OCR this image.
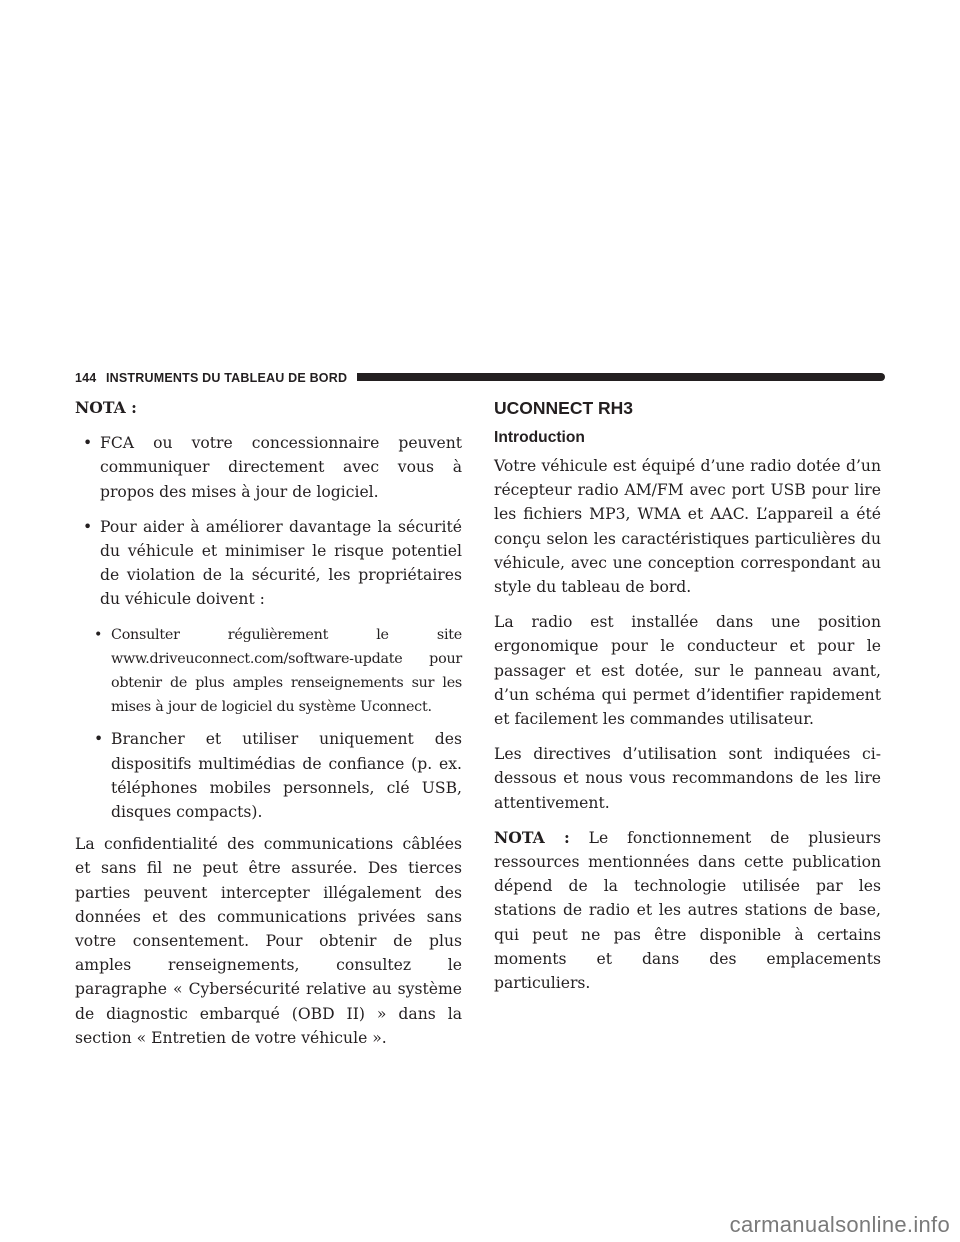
144 INSTRUMENTS DU TABLEAU DE BORD

NOTA :

• FCA ou votre concessionnaire peuvent communiquer directement avec vous à propos des mises à jour de logiciel.
• Pour aider à améliorer davantage la sécurité du véhicule et minimiser le risque potentiel de violation de la sécurité, les propriétaires du véhicule doivent :
• Consulter régulièrement le site www.driveuconnect.com/software-update pour obtenir de plus amples renseignements sur les mises à jour de logiciel du système Uconnect.
• Brancher et utiliser uniquement des dispositifs multimédias de confiance (p. ex. téléphones mobiles personnels, clé USB, disques compacts).

La confidentialité des communications câblées et sans fil ne peut être assurée. Des tierces parties peuvent intercepter illégalement des données et des communications privées sans votre consentement. Pour obtenir de plus amples renseignements, consultez le paragraphe « Cybersécurité relative au système de diagnostic embarqué (OBD II) » dans la section « Entretien de votre véhicule ».

UCONNECT RH3
Introduction

Votre véhicule est équipé d’une radio dotée d’un récepteur radio AM/FM avec port USB pour lire les fichiers MP3, WMA et AAC. L’appareil a été conçu selon les caractéristiques particulières du véhicule, avec une conception correspondant au style du tableau de bord.

La radio est installée dans une position ergonomique pour le conducteur et pour le passager et est dotée, sur le panneau avant, d’un schéma qui permet d’identifier rapidement et facilement les commandes utilisateur.

Les directives d’utilisation sont indiquées ci-dessous et nous vous recommandons de les lire attentivement.

NOTA : Le fonctionnement de plusieurs ressources mentionnées dans cette publication dépend de la technologie utilisée par les stations de radio et les autres stations de base, qui peut ne pas être disponible à certains moments et dans des emplacements particuliers.

carmanualsonline.info
